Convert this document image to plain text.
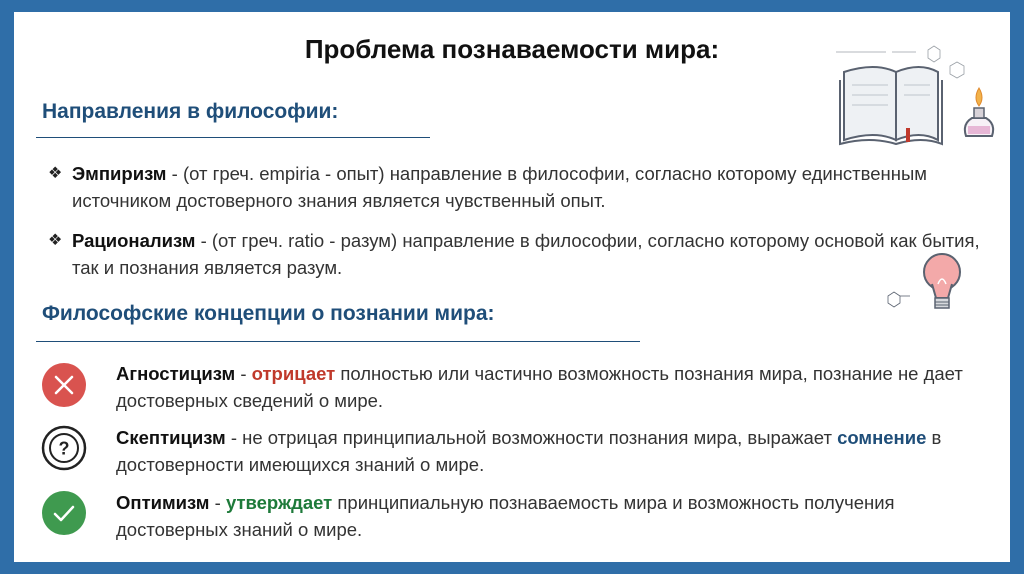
Проблема познаваемости мира:
Направления в философии:
❖ Эмпиризм - (от греч. empiria - опыт) направление в философии, согласно которому единственным источником достоверного знания является чувственный опыт.
❖ Рационализм - (от греч. ratio - разум) направление в философии, согласно которому основой как бытия, так и познания является разум.
Философские концепции о познании мира:
Агностицизм - отрицает полностью или частично возможность познания мира, познание не дает достоверных сведений о мире.
?
Скептицизм - не отрицая принципиальной возможности познания мира, выражает сомнение в достоверности имеющихся знаний о мире.
Оптимизм - утверждает принципиальную познаваемость мира и возможность получения достоверных знаний о мире.
